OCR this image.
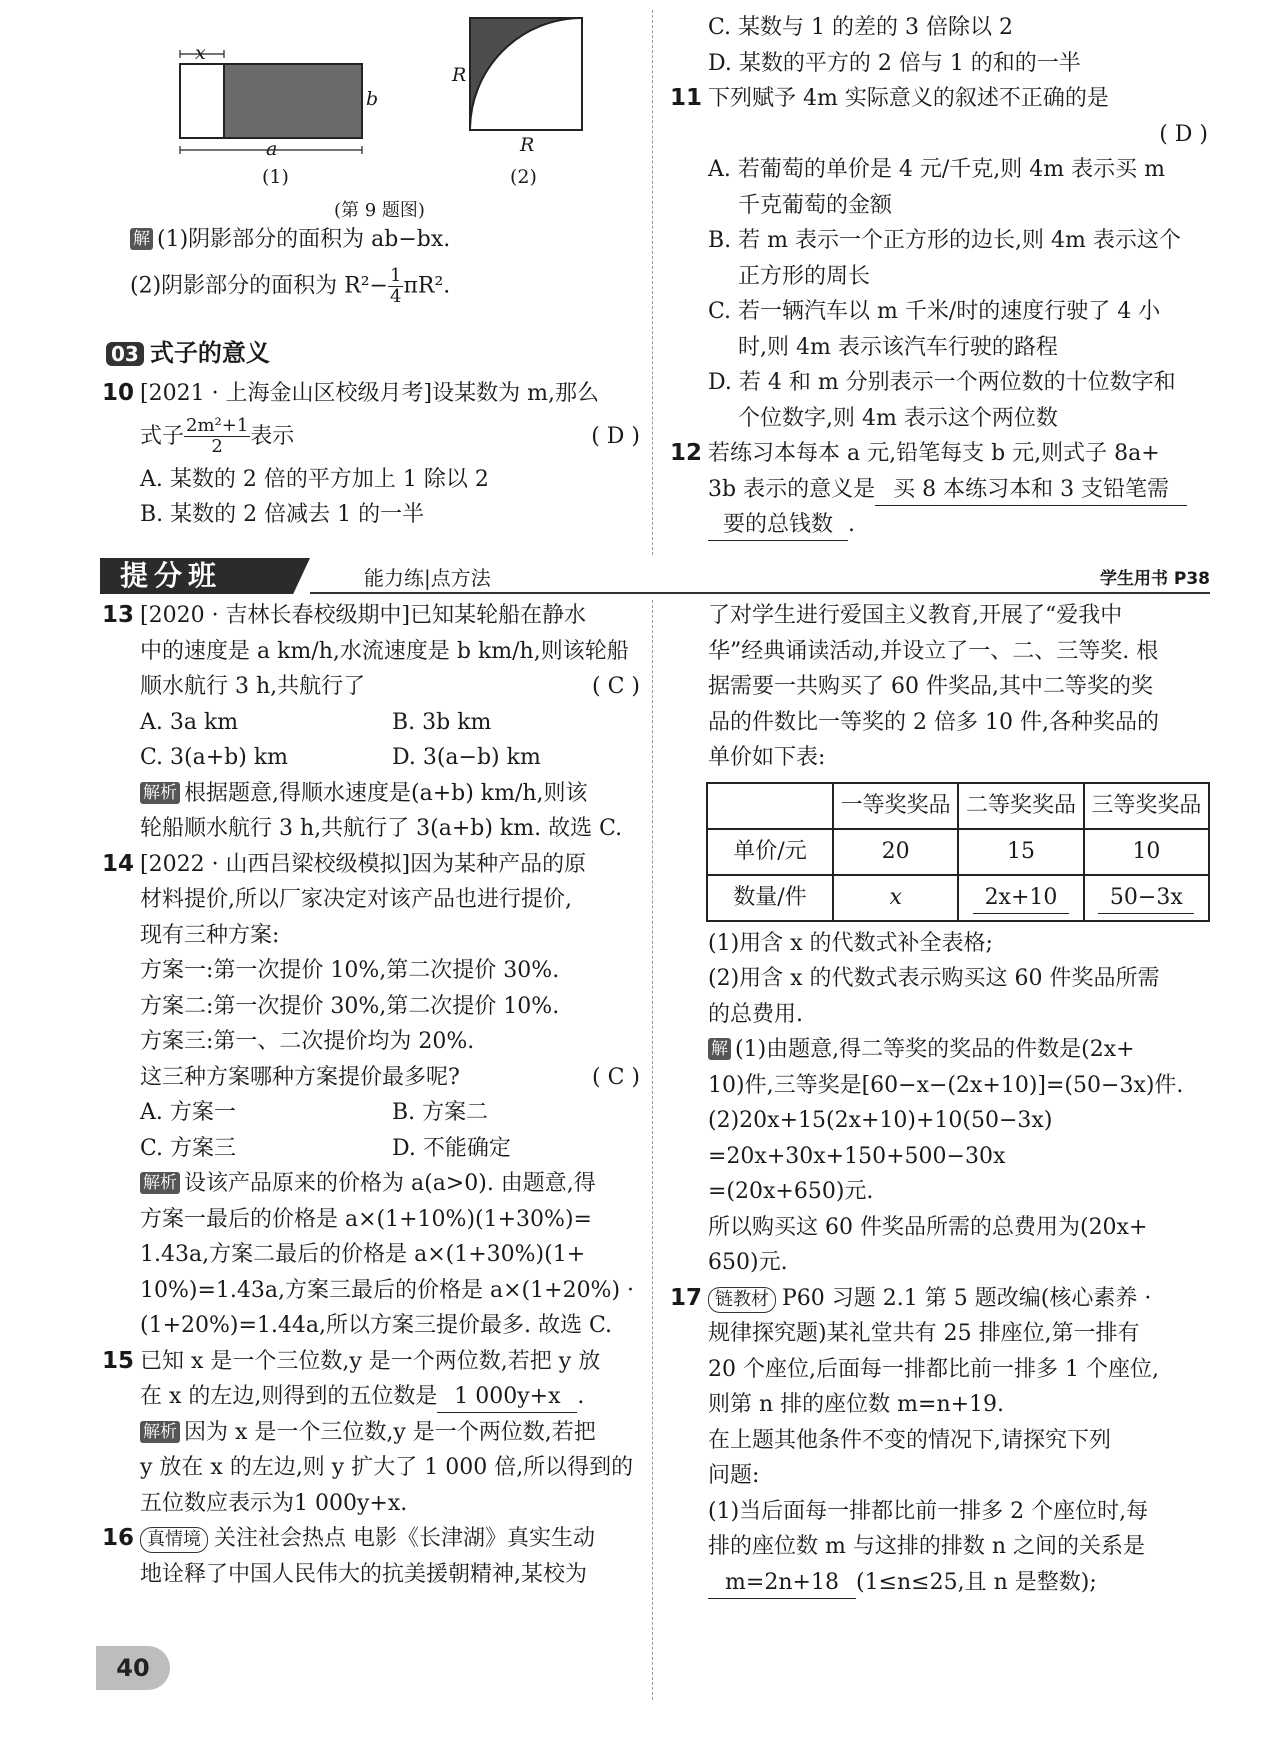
x
b
a
R
R
(1)	(2)
(第 9 题图)
解 (1)阴影部分的面积为 ab−bx.
(2)阴影部分的面积为 $R^2- \frac{1}{4} \pi R^2$.
03 式子的意义
10 [2021 · 上海金山区校级月考]设某数为 m,那么
式子 $\frac{\text{2m²+1}}{2}$ 表示	( D )
A. 某数的 2 倍的平方加上 1 除以 2
B. 某数的 2 倍减去 1 的一半
C. 某数与 1 的差的 3 倍除以 2
D. 某数的平方的 2 倍与 1 的和的一半
11 下列赋予 4m 实际意义的叙述不正确的是
( D )
A. 若葡萄的单价是 4 元/千克,则 4m 表示买 m
千克葡萄的金额
B. 若 m 表示一个正方形的边长,则 4m 表示这个
正方形的周长
C. 若一辆汽车以 m 千米/时的速度行驶了 4 小
时,则 4m 表示该汽车行驶的路程
D. 若 4 和 m 分别表示一个两位数的十位数字和
个位数字,则 4m 表示这个两位数
12 若练习本每本 a 元,铅笔每支 b 元,则式子 8a+
3b 表示的意义是 买 8 本练习本和 3 支铅笔需
要的总钱数 .
提分班	能力练|点方法	学生用书 P38
13 [2020 · 吉林长春校级期中]已知某轮船在静水
中的速度是 a km/h,水流速度是 b km/h,则该轮船
顺水航行 3 h,共航行了	( C )
A. 3a km	B. 3b km
C. 3(a+b) km	D. 3(a−b) km
解析 根据题意,得顺水速度是(a+b) km/h,则该
轮船顺水航行 3 h,共航行了 3(a+b) km. 故选 C.
14 [2022 · 山西吕梁校级模拟]因为某种产品的原
材料提价,所以厂家决定对该产品也进行提价,
现有三种方案:
方案一:第一次提价 10%,第二次提价 30%.
方案二:第一次提价 30%,第二次提价 10%.
方案三:第一、二次提价均为 20%.
这三种方案哪种方案提价最多呢?	( C )
A. 方案一	B. 方案二
C. 方案三	D. 不能确定
解析 设该产品原来的价格为 a(a>0). 由题意,得
方案一最后的价格是 a×(1+10%)(1+30%)=
1.43a,方案二最后的价格是 a×(1+30%)(1+
10%)=1.43a,方案三最后的价格是 a×(1+20%) ·
(1+20%)=1.44a,所以方案三提价最多. 故选 C.
15 已知 x 是一个三位数,y 是一个两位数,若把 y 放
在 x 的左边,则得到的五位数是 1 000y+x .
解析 因为 x 是一个三位数,y 是一个两位数,若把
y 放在 x 的左边,则 y 扩大了 1 000 倍,所以得到的
五位数应表示为1 000y+x.
16 真情境 关注社会热点 电影《长津湖》真实生动
地诠释了中国人民伟大的抗美援朝精神,某校为
了对学生进行爱国主义教育,开展了“爱我中
华”经典诵读活动,并设立了一、二、三等奖. 根
据需要一共购买了 60 件奖品,其中二等奖的奖
品的件数比一等奖的 2 倍多 10 件,各种奖品的
单价如下表:
	一等奖奖品	二等奖奖品	三等奖奖品
单价/元	20	15	10
数量/件	x	2x+10	50−3x
(1)用含 x 的代数式补全表格;
(2)用含 x 的代数式表示购买这 60 件奖品所需
的总费用.
解 (1)由题意,得二等奖的奖品的件数是(2x+
10)件,三等奖是[60−x−(2x+10)]=(50−3x)件.
(2)20x+15(2x+10)+10(50−3x)
=20x+30x+150+500−30x
=(20x+650)元.
所以购买这 60 件奖品所需的总费用为(20x+
650)元.
17 链教材 P60 习题 2.1 第 5 题改编(核心素养 ·
规律探究题)某礼堂共有 25 排座位,第一排有
20 个座位,后面每一排都比前一排多 1 个座位,
则第 n 排的座位数 m=n+19.
在上题其他条件不变的情况下,请探究下列
问题:
(1)当后面每一排都比前一排多 2 个座位时,每
排的座位数 m 与这排的排数 n 之间的关系是
m=2n+18 (1≤n≤25,且 n 是整数);
40
